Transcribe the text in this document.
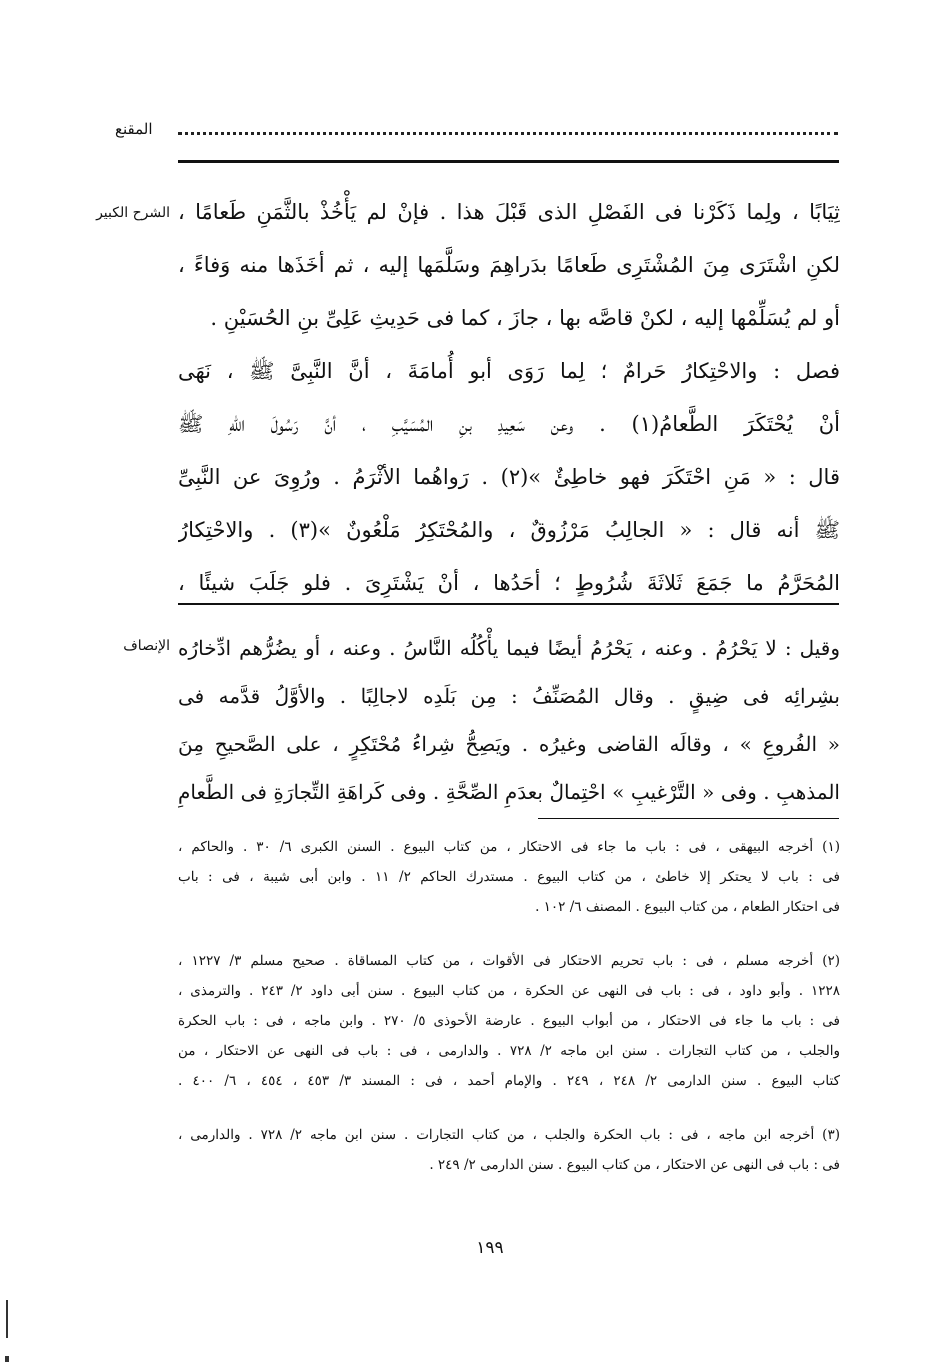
المقنع
الشرح الكبير ثِيَابًا ، ولِما ذَكَرْنا فى الفَصْلِ الذى قَبْلَ هذا . فإنْ لم يَأْخُذْ بالثَّمَنِ طَعامًا ،
لكنِ اشْتَرَى مِنَ المُشْتَرِى طَعامًا بدَراهِمَ وسَلَّمَها إليه ، ثم أخَذَها منه وَفاءً ،
أو لم يُسَلِّمْها إليه ، لكنْ قاصَّه بها ، جازَ ، كما فى حَدِيثِ عَلِىِّ بنِ الحُسَيْنِ .
فصل : والاحْتِكارُ حَرامٌ ؛ لِما رَوَى أبو أُمامَةَ ، أنَّ النَّبِىَّ ﷺ ، نَهَى
أنْ يُحْتَكَرَ الطَّعامُ(١) . وعن سَعِيدِ بنِ المُسَيَّبِ ، أنَّ رَسُولَ اللهِ ﷺ
قال : « مَنِ احْتَكَرَ فهو خاطِئٌ »(٢) . رَواهُما الأثْرَمُ . ورُوِىَ عن النَّبِىِّ
ﷺ أنه قال : « الجالِبُ مَرْزُوقٌ ، والمُحْتَكِرُ مَلْعُونٌ »(٣) . والاحْتِكارُ
المُحَرَّمُ ما جَمَعَ ثَلاثَةَ شُرُوطٍ ؛ أحَدُها ، أنْ يَشْتَرِىَ . فلو جَلَبَ شيئًا ،
الإنصاف وقيل : لا يَحْرُمُ . وعنه ، يَحْرُمُ أيضًا فيما يأْكُلُه النَّاسُ . وعنه ، أو يضُرُّهم ادِّخارُه
بشِرائِه فى ضِيقٍ . وقال المُصَنِّفُ : مِن بَلَدِه لاجالِبًا . والأوَّلُ قدَّمه فى
« الفُروعِ » ، وقالَه القاضى وغيرُه . ويَصِحُّ شِراءُ مُحْتَكِرٍ ، على الصَّحيحِ مِنَ
المذهبِ . وفى « التَّرْغيبِ » احْتِمالٌ بعدَمِ الصِّحَّةِ . وفى كَراهَةِ التِّجارَةِ فى الطَّعامِ
(١) أخرجه البيهقى ، فى : باب ما جاء فى الاحتكار ، من كتاب البيوع . السنن الكبرى ٦/ ٣٠ . والحاكم ،
فى : باب لا يحتكر إلا خاطئ ، من كتاب البيوع . مستدرك الحاكم ٢/ ١١ . وابن أبى شيبة ، فى : باب
فى احتكار الطعام ، من كتاب البيوع . المصنف ٦/ ١٠٢ .
(٢) أخرجه مسلم ، فى : باب تحريم الاحتكار فى الأقوات ، من كتاب المساقاة . صحيح مسلم ٣/ ١٢٢٧ ،
١٢٢٨ . وأبو داود ، فى : باب فى النهى عن الحكرة ، من كتاب البيوع . سنن أبى داود ٢/ ٢٤٣ . والترمذى ،
فى : باب ما جاء فى الاحتكار ، من أبواب البيوع . عارضة الأحوذى ٥/ ٢٧٠ . وابن ماجه ، فى : باب الحكرة
والجلب ، من كتاب التجارات . سنن ابن ماجه ٢/ ٧٢٨ . والدارمى ، فى : باب فى النهى عن الاحتكار ، من
كتاب البيوع . سنن الدارمى ٢/ ٢٤٨ ، ٢٤٩ . والإمام أحمد ، فى : المسند ٣/ ٤٥٣ ، ٤٥٤ ، ٦/ ٤٠٠ .
(٣) أخرجه ابن ماجه ، فى : باب الحكرة والجلب ، من كتاب التجارات . سنن ابن ماجه ٢/ ٧٢٨ . والدارمى ،
فى : باب فى النهى عن الاحتكار ، من كتاب البيوع . سنن الدارمى ٢/ ٢٤٩ .
١٩٩
